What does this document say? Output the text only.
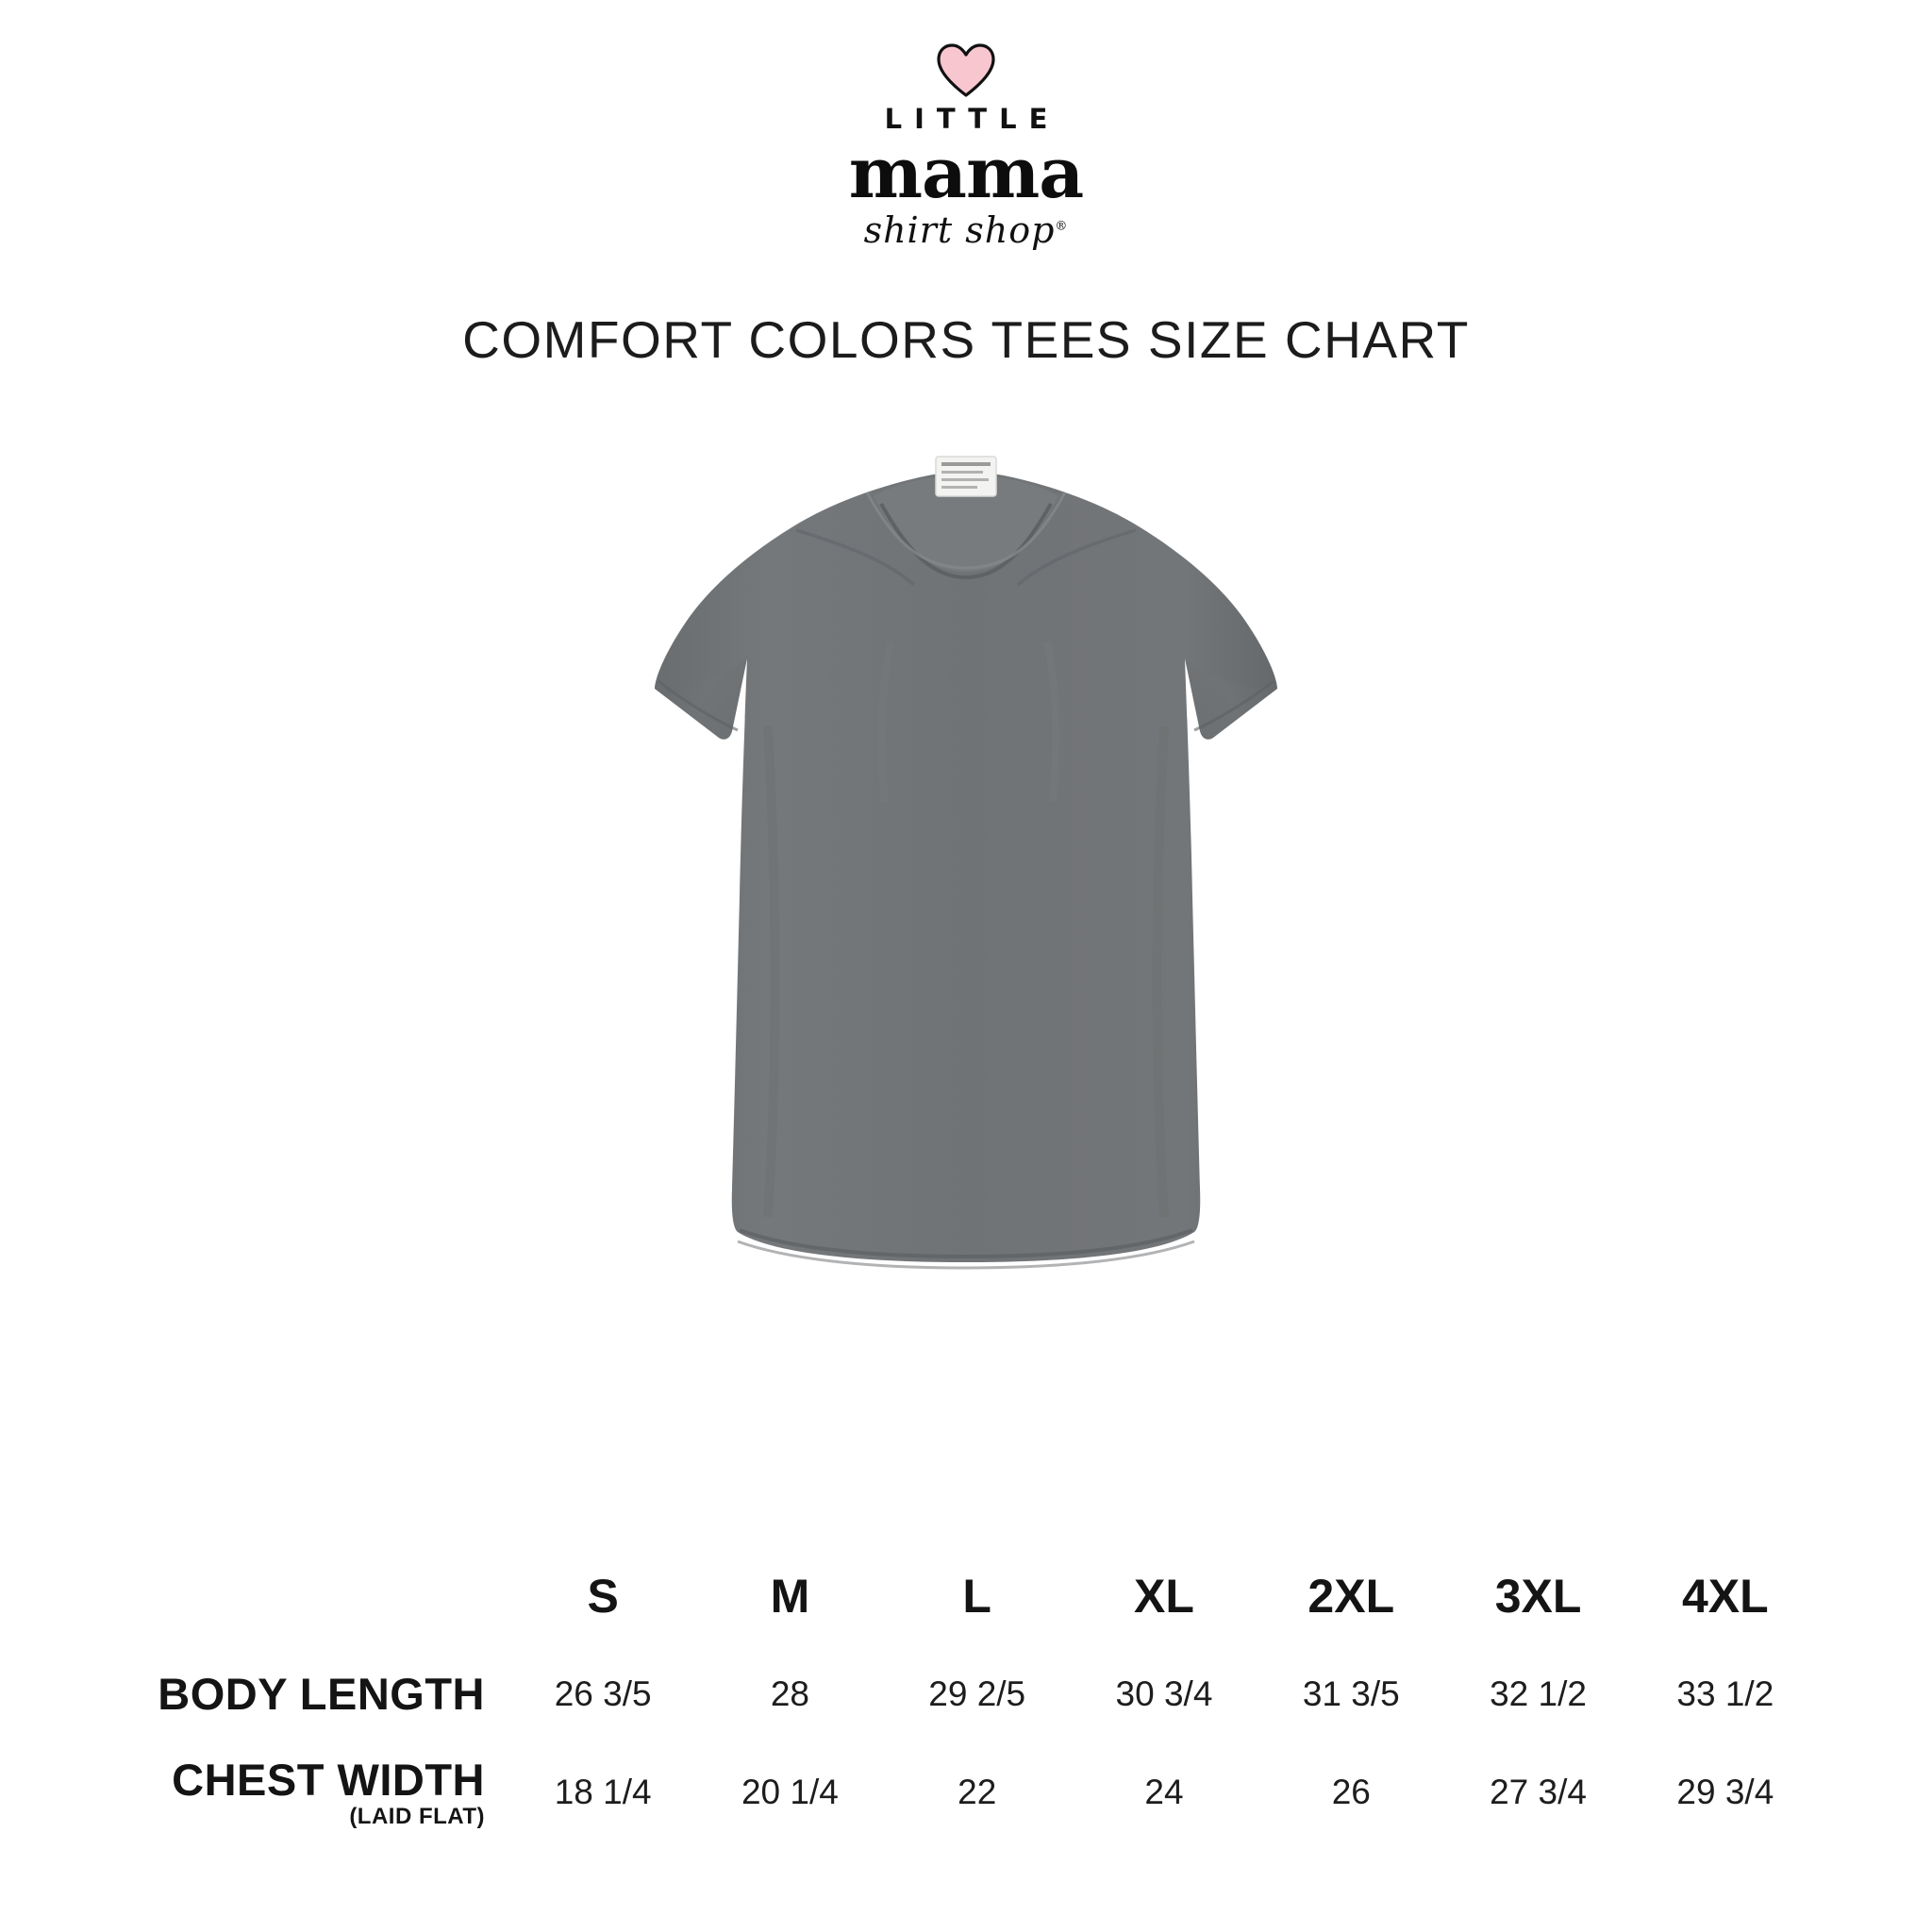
LITTLE
mama
shirt shop®
COMFORT COLORS TEES SIZE CHART
	S	M	L	XL	2XL	3XL	4XL
BODY LENGTH	26 3/5	28	29 2/5	30 3/4	31 3/5	32 1/2	33 1/2
CHEST WIDTH
(LAID FLAT)	18 1/4	20 1/4	22	24	26	27 3/4	29 3/4
